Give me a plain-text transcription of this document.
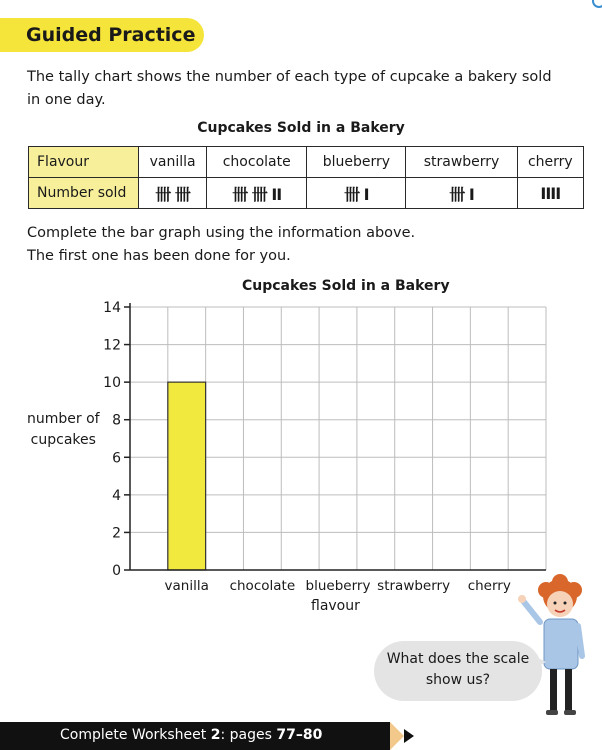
Guided Practice

The tally chart shows the number of each type of cupcake a bakery sold in one day.

Cupcakes Sold in a Bakery
Flavour	vanilla	chocolate	blueberry	strawberry	cherry
Number sold	卌 卌	卌 卌 II	卌 I	卌 I	IIII
Complete the bar graph using the information above.
The first one has been done for you.
Cupcakes Sold in a Bakery
0
2
4
6
8
10
12
14
vanilla chocolate blueberry strawberry cherry
number of
cupcakes
flavour
What does the scale
show us?
Complete Worksheet 2: pages 77–80
